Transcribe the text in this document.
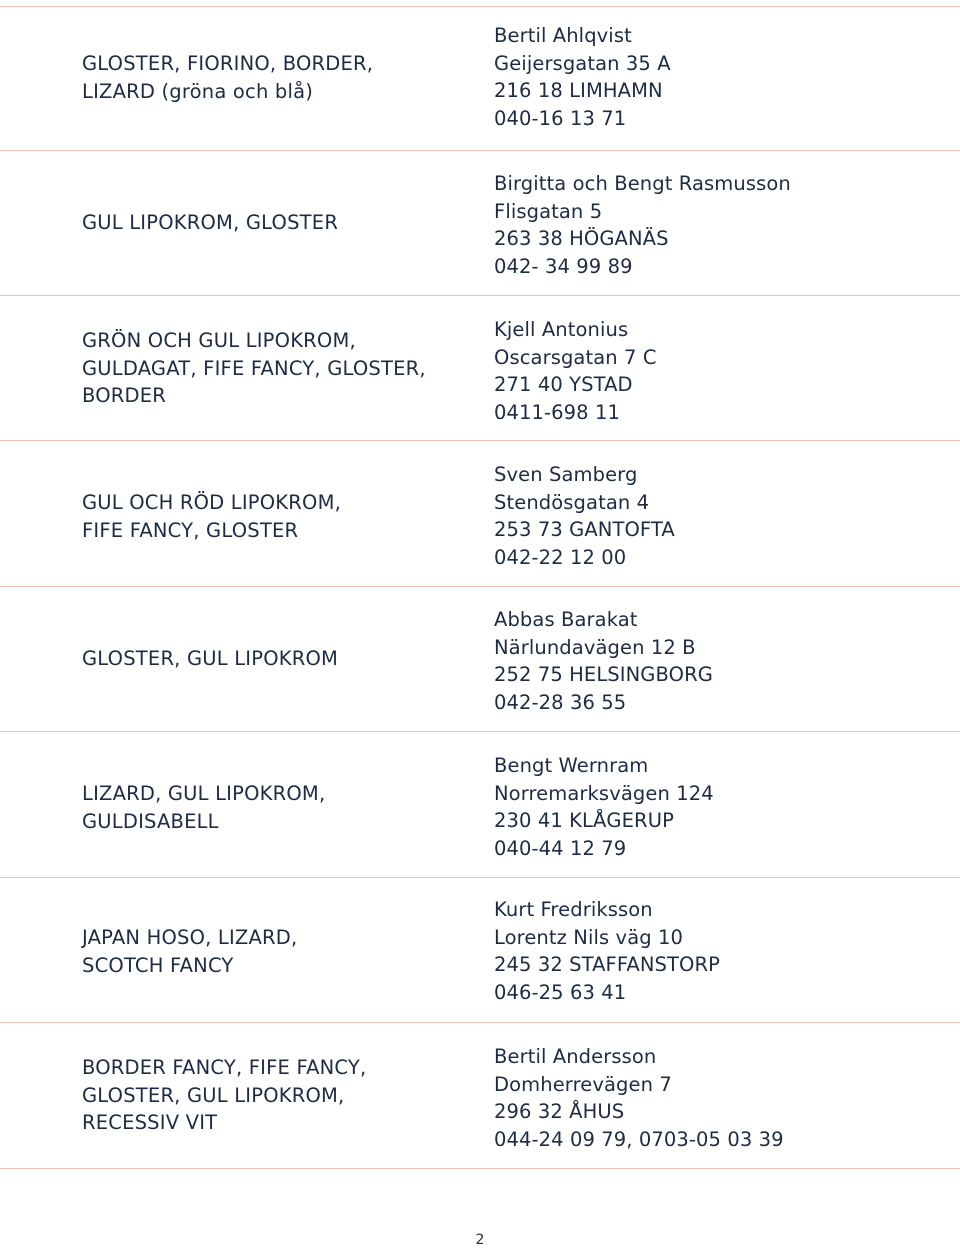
GLOSTER, FIORINO, BORDER,
LIZARD (gröna och blå)
Bertil Ahlqvist
Geijersgatan 35 A
216 18 LIMHAMN
040-16 13 71
GUL LIPOKROM, GLOSTER
Birgitta och Bengt Rasmusson
Flisgatan 5
263 38 HÖGANÄS
042- 34 99 89
GRÖN OCH GUL LIPOKROM,
GULDAGAT, FIFE FANCY, GLOSTER,
BORDER
Kjell Antonius
Oscarsgatan 7 C
271 40 YSTAD
0411-698 11
GUL OCH RÖD LIPOKROM,
FIFE FANCY, GLOSTER
Sven Samberg
Stendösgatan 4
253 73 GANTOFTA
042-22 12 00
GLOSTER, GUL LIPOKROM
Abbas Barakat
Närlundavägen 12 B
252 75 HELSINGBORG
042-28 36 55
LIZARD, GUL LIPOKROM,
GULDISABELL
Bengt Wernram
Norremarksvägen 124
230 41 KLÅGERUP
040-44 12 79
JAPAN HOSO, LIZARD,
SCOTCH FANCY
Kurt Fredriksson
Lorentz Nils väg 10
245 32 STAFFANSTORP
046-25 63 41
BORDER FANCY, FIFE FANCY,
GLOSTER, GUL LIPOKROM,
RECESSIV VIT
Bertil Andersson
Domherrevägen 7
296 32 ÅHUS
044-24 09 79, 0703-05 03 39
2
